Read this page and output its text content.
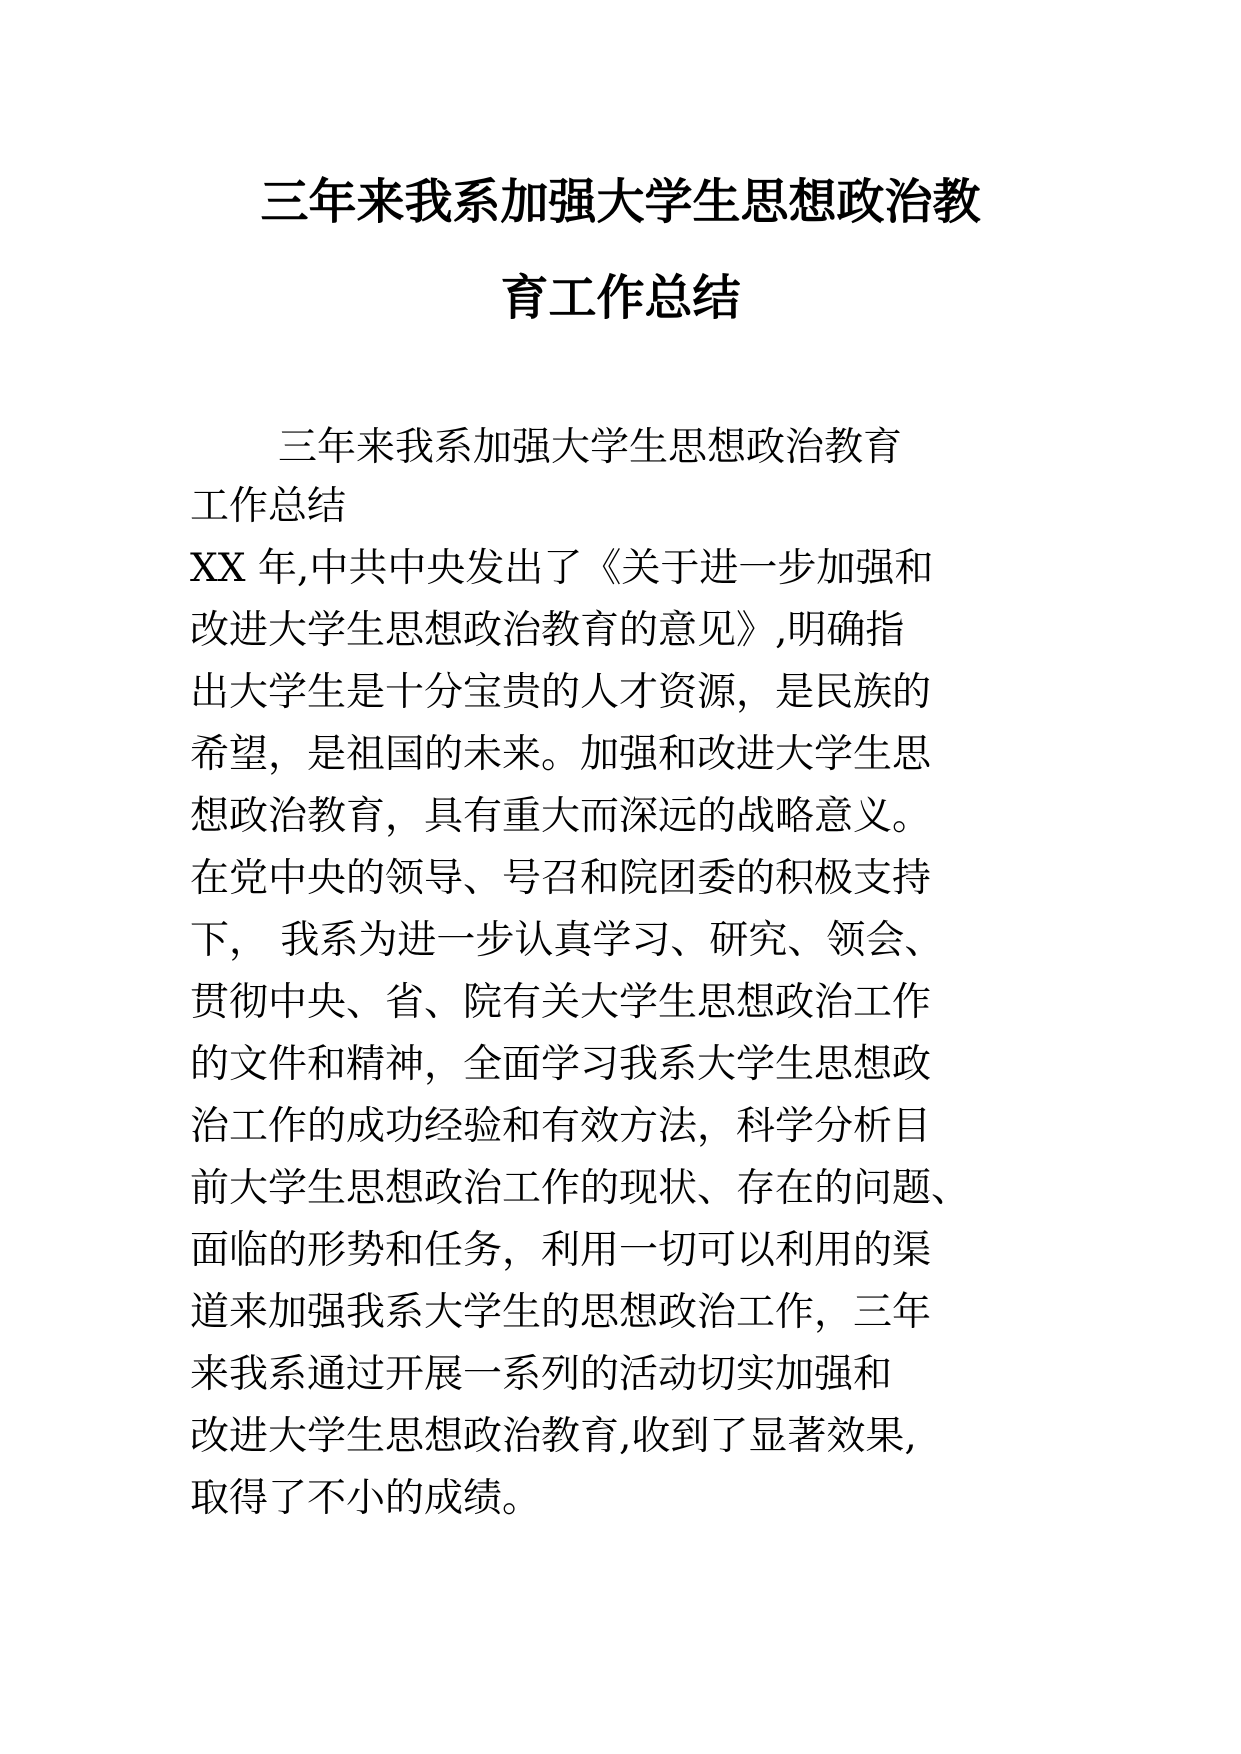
三年来我系加强大学生思想政治教
育工作总结
三年来我系加强大学生思想政治教育
工作总结
XX 年,中共中央发出了《关于进一步加强和
改进大学生思想政治教育的意见》,明确指
出大学生是十分宝贵的人才资源，是民族的
希望，是祖国的未来。加强和改进大学生思
想政治教育，具有重大而深远的战略意义。
在党中央的领导、号召和院团委的积极支持
下， 我系为进一步认真学习、研究、领会、
贯彻中央、省、院有关大学生思想政治工作
的文件和精神，全面学习我系大学生思想政
治工作的成功经验和有效方法，科学分析目
前大学生思想政治工作的现状、存在的问题、
面临的形势和任务，利用一切可以利用的渠
道来加强我系大学生的思想政治工作，三年
来我系通过开展一系列的活动切实加强和
改进大学生思想政治教育,收到了显著效果,
取得了不小的成绩。
